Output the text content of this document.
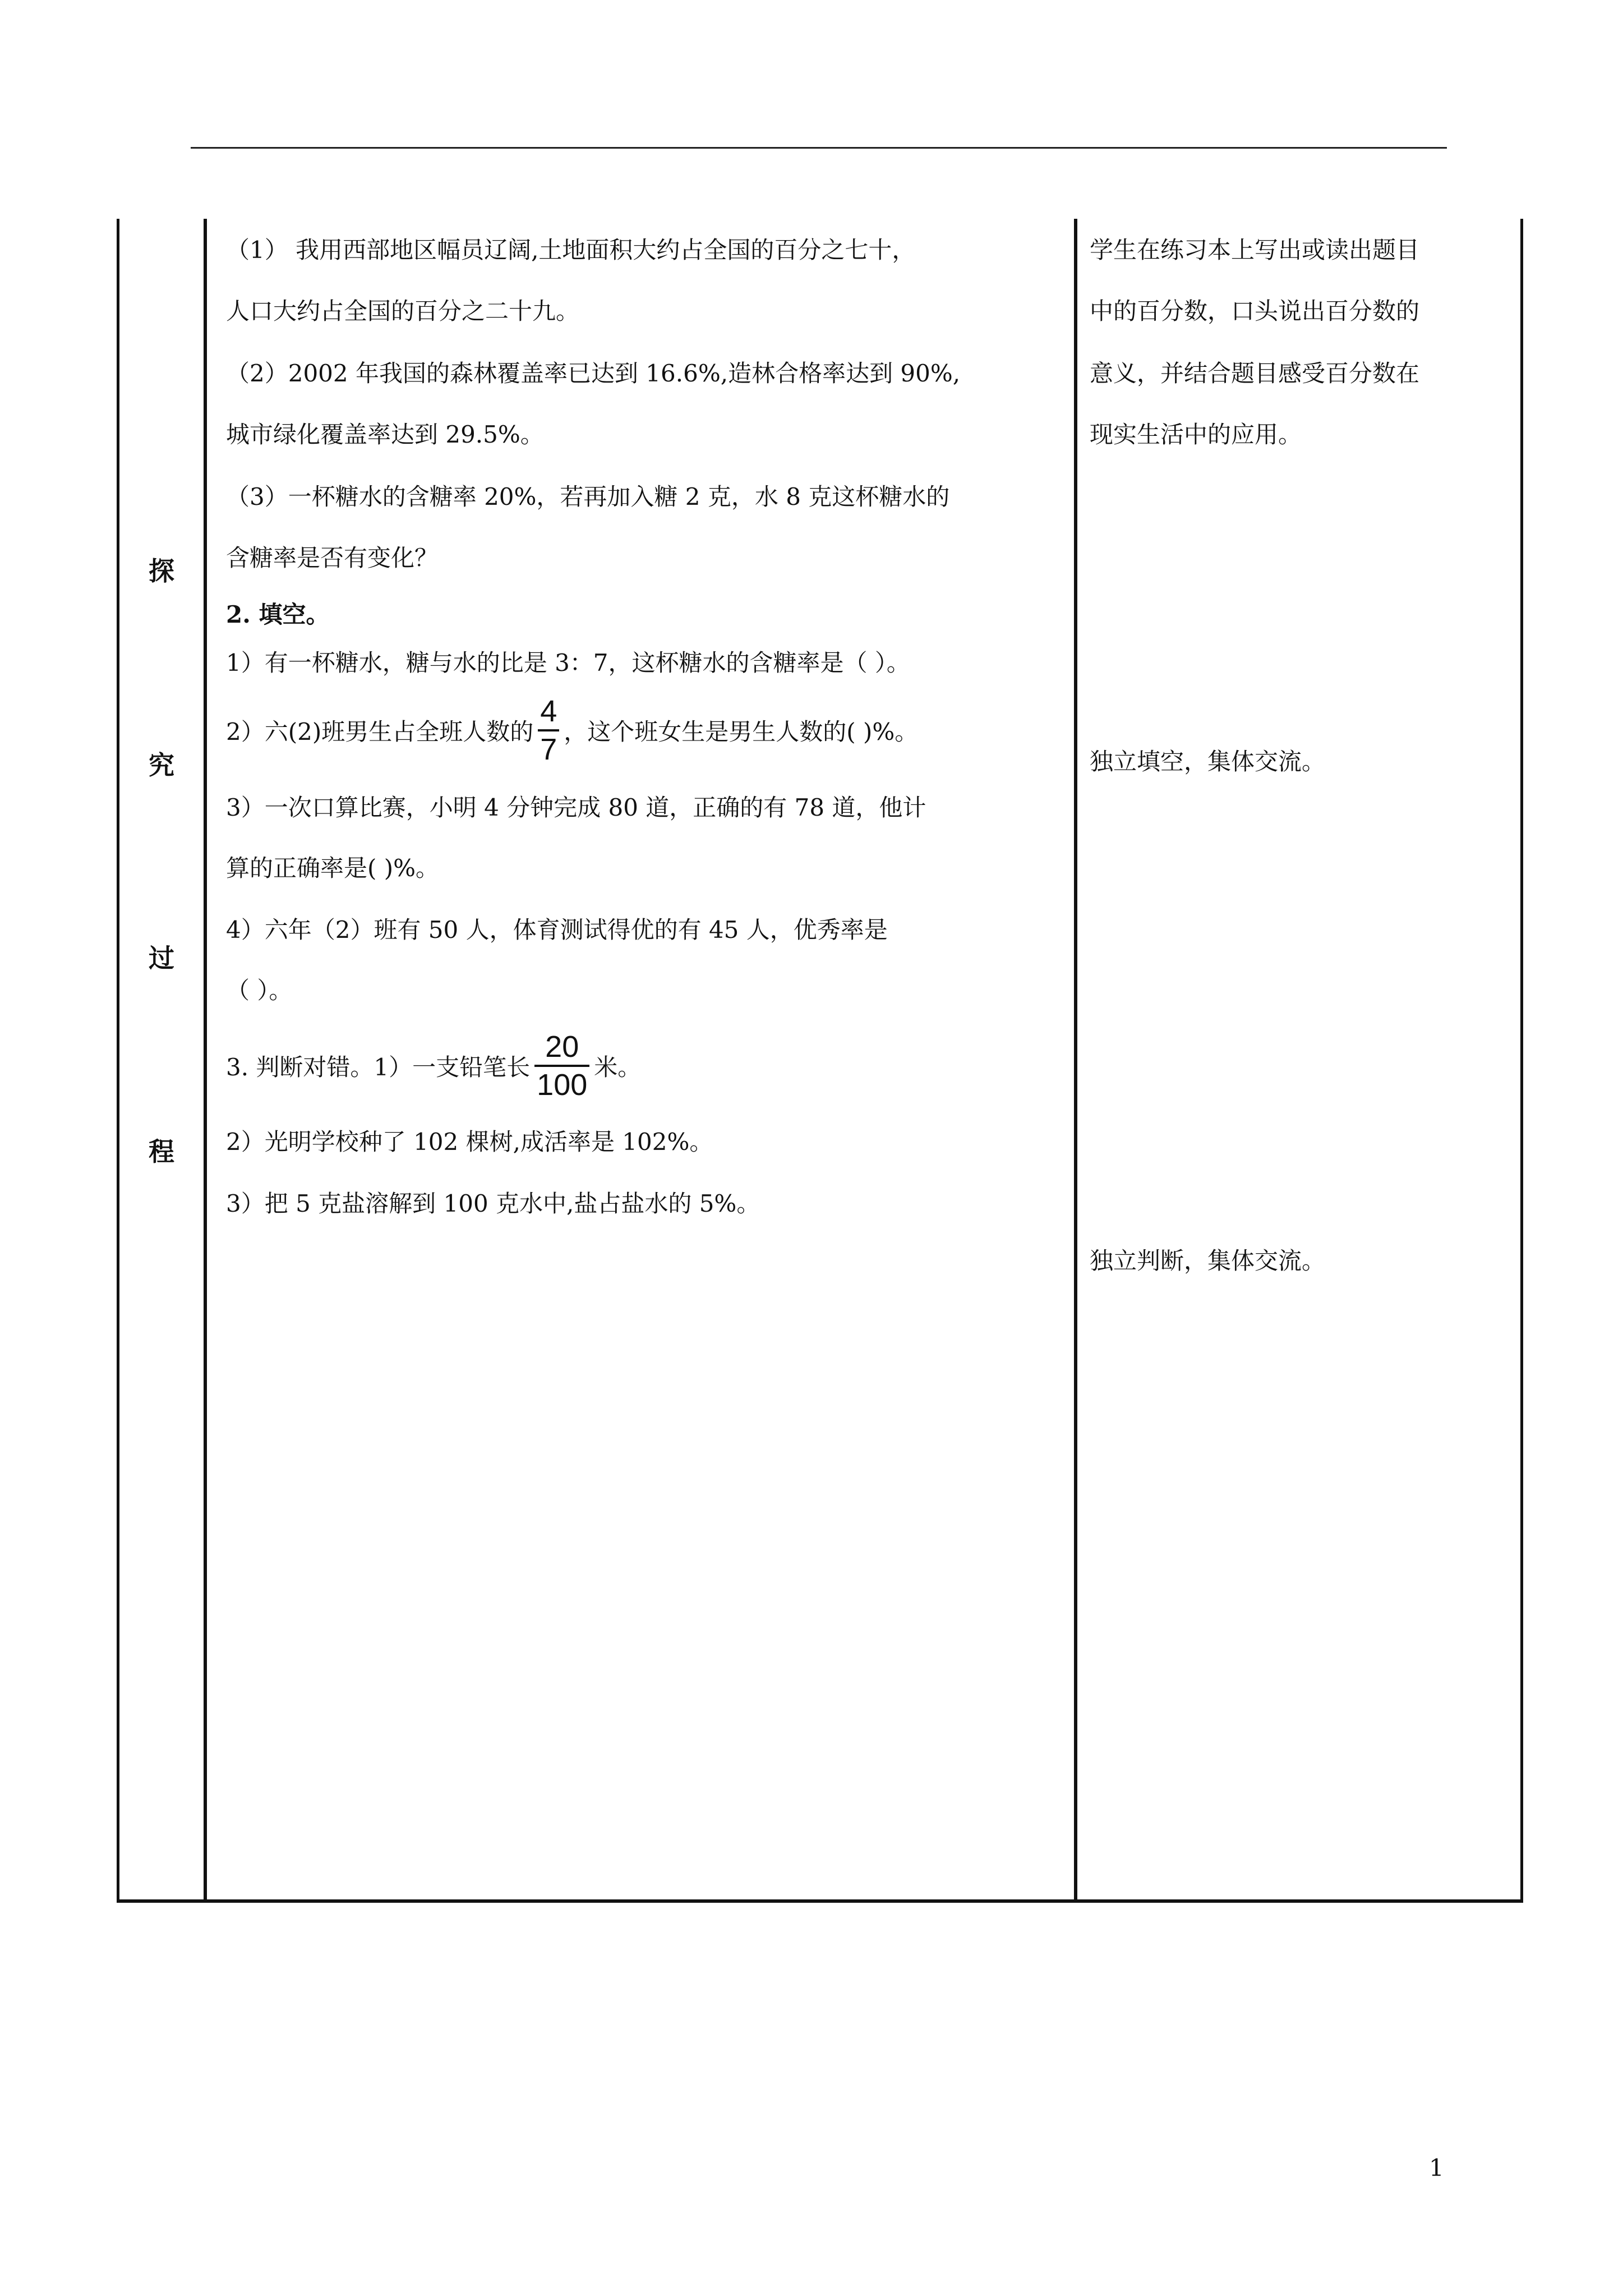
探
究
过
程
（1） 我用西部地区幅员辽阔,土地面积大约占全国的百分之七十，
人口大约占全国的百分之二十九。
（2）2002 年我国的森林覆盖率已达到 16.6%,造林合格率达到 90%,
城市绿化覆盖率达到 29.5%。
（3）一杯糖水的含糖率 20%，若再加入糖 2 克，水 8 克这杯糖水的
含糖率是否有变化？
2. 填空。
1）有一杯糖水，糖与水的比是 3：7，这杯糖水的含糖率是（ ）。
2）六(2)班男生占全班人数的 $\frac{4}{7}$ ，这个班女生是男生人数的( )%。
3）一次口算比赛，小明 4 分钟完成 80 道，正确的有 78 道，他计
算的正确率是( )%。
4）六年（2）班有 50 人，体育测试得优的有 45 人，优秀率是
（ ）。
3. 判断对错。1）一支铅笔长 $\frac{20}{100}$ 米。
2）光明学校种了 102 棵树,成活率是 102%。
3）把 5 克盐溶解到 100 克水中,盐占盐水的 5%。
学生在练习本上写出或读出题目
中的百分数，口头说出百分数的
意义，并结合题目感受百分数在
现实生活中的应用。
独立填空，集体交流。
独立判断，集体交流。
1
